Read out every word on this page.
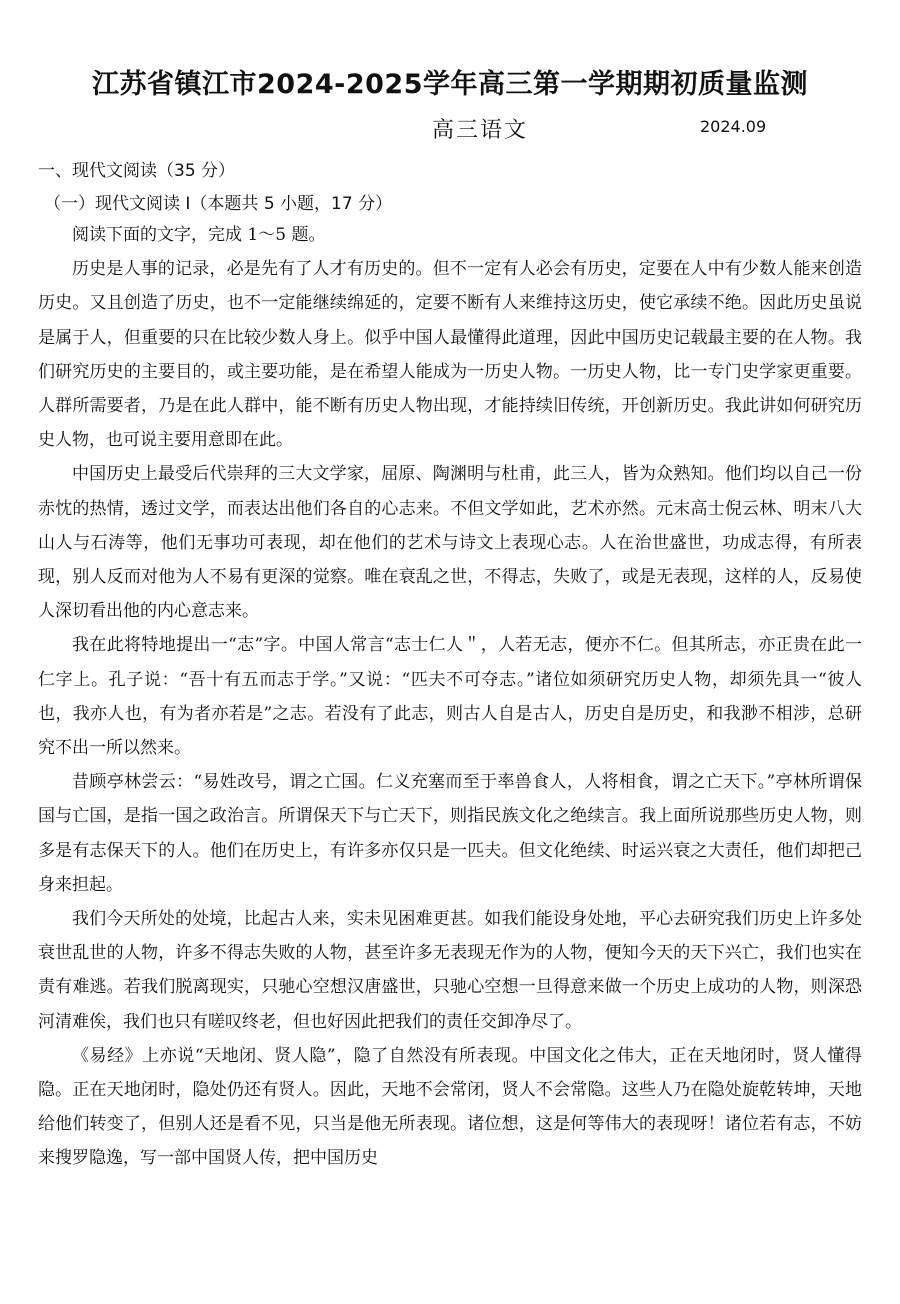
江苏省镇江市2024-2025学年高三第一学期期初质量监测
高三语文	2024.09
一、现代文阅读（35 分）
（一）现代文阅读 I（本题共 5 小题，17 分）

阅读下面的文字，完成 1～5 题。

历史是人事的记录，必是先有了人才有历史的。但不一定有人必会有历史，定要在人中有少数人能来创造历史。又且创造了历史，也不一定能继续绵延的，定要不断有人来维持这历史，使它承续不绝。因此历史虽说是属于人，但重要的只在比较少数人身上。似乎中国人最懂得此道理，因此中国历史记载最主要的在人物。我们研究历史的主要目的，或主要功能，是在希望人能成为一历史人物。一历史人物，比一专门史学家更重要。人群所需要者，乃是在此人群中，能不断有历史人物出现，才能持续旧传统，开创新历史。我此讲如何研究历史人物，也可说主要用意即在此。

中国历史上最受后代崇拜的三大文学家，屈原、陶渊明与杜甫，此三人，皆为众熟知。他们均以自己一份赤忱的热情，透过文学，而表达出他们各自的心志来。不但文学如此，艺术亦然。元末高士倪云林、明末八大山人与石涛等，他们无事功可表现，却在他们的艺术与诗文上表现心志。人在治世盛世，功成志得，有所表现，别人反而对他为人不易有更深的觉察。唯在衰乱之世，不得志，失败了，或是无表现，这样的人，反易使人深切看出他的内心意志来。

我在此将特地提出一“志”字。中国人常言“志士仁人＂，人若无志，便亦不仁。但其所志，亦正贵在此一仁字上。孔子说：“吾十有五而志于学。”又说：“匹夫不可夺志。”诸位如须研究历史人物，却须先具一“彼人也，我亦人也，有为者亦若是”之志。若没有了此志，则古人自是古人，历史自是历史，和我渺不相涉，总研究不出一所以然来。

昔顾亭林尝云：“易姓改号，谓之亡国。仁义充塞而至于率兽食人，人将相食，谓之亡天下。”亭林所谓保国与亡国，是指一国之政治言。所谓保天下与亡天下，则指民族文化之绝续言。我上面所说那些历史人物，则多是有志保天下的人。他们在历史上，有许多亦仅只是一匹夫。但文化绝续、时运兴衰之大责任，他们却把己身来担起。

我们今天所处的处境，比起古人来，实未见困难更甚。如我们能设身处地，平心去研究我们历史上许多处衰世乱世的人物，许多不得志失败的人物，甚至许多无表现无作为的人物，便知今天的天下兴亡，我们也实在责有难逃。若我们脱离现实，只驰心空想汉唐盛世，只驰心空想一旦得意来做一个历史上成功的人物，则深恐河清难俟，我们也只有嗟叹终老，但也好因此把我们的责任交卸净尽了。

《易经》上亦说“天地闭、贤人隐”，隐了自然没有所表现。中国文化之伟大，正在天地闭时，贤人懂得隐。正在天地闭时，隐处仍还有贤人。因此，天地不会常闭，贤人不会常隐。这些人乃在隐处旋乾转坤，天地给他们转变了，但别人还是看不见，只当是他无所表现。诸位想，这是何等伟大的表现呀！诸位若有志，不妨来搜罗隐逸，写一部中国贤人传，把中国历史
